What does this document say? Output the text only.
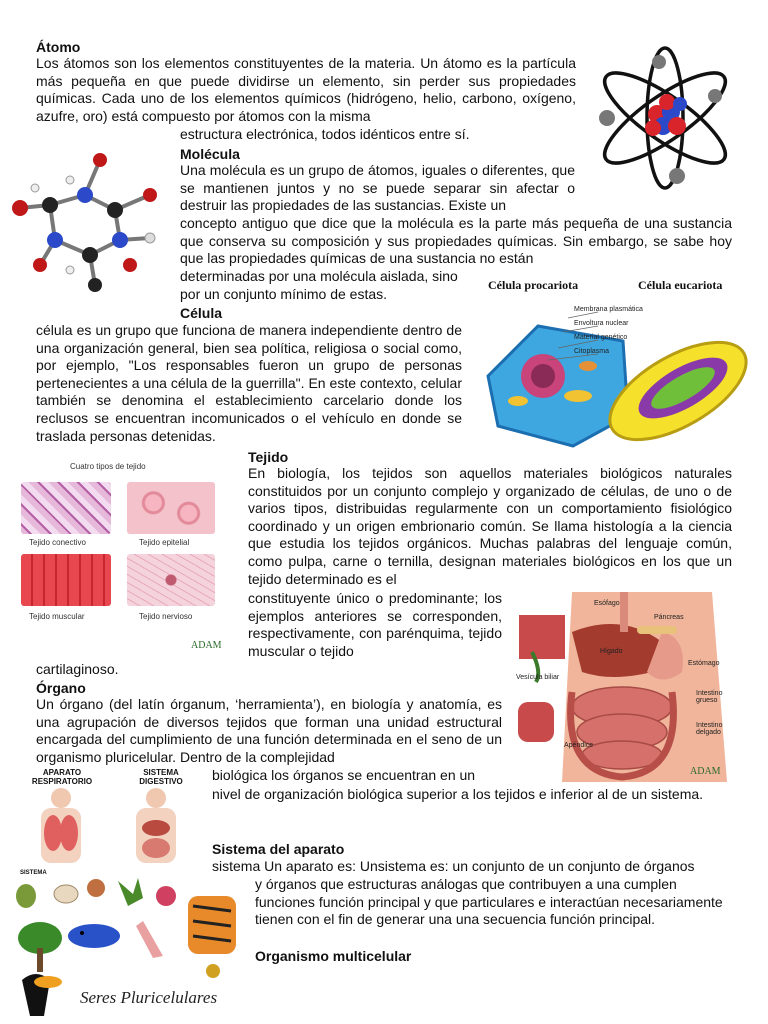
Átomo
Los átomos son los elementos constituyentes de la materia. Un átomo es la partícula más pequeña en que puede dividirse un elemento, sin perder sus propiedades químicas. Cada uno de los elementos químicos (hidrógeno, helio, carbono, oxígeno, azufre, oro) está compuesto por átomos con la misma
estructura electrónica, todos idénticos entre sí.
Molécula
Una molécula es un grupo de átomos, iguales o diferentes, que se mantienen juntos y no se puede separar sin afectar o destruir las propiedades de las sustancias. Existe un
concepto antiguo que dice que la molécula es la parte más pequeña de una sustancia que conserva su composición y sus propiedades químicas. Sin embargo, se sabe hoy que las propiedades químicas de una sustancia no están
determinadas por una molécula aislada, sino por un conjunto mínimo de estas.
Célula
célula es un grupo que funciona de manera independiente dentro de una organización general, bien sea política, religiosa o social como, por ejemplo, "Los responsables fueron un grupo de personas pertenecientes a una célula de la guerrilla". En este contexto, celular también se denomina el establecimiento carcelario donde los reclusos se encuentran incomunicados o el vehículo en donde se traslada personas detenidas.
Célula procariota	Célula eucariota
Membrana plasmática
Envoltura nuclear
Material genético
Citoplasma
Tejido
En biología, los tejidos son aquellos materiales biológicos naturales constituidos por un conjunto complejo y organizado de células, de uno o de varios tipos, distribuidas regularmente con un comportamiento fisiológico coordinado y un origen embrionario común. Se llama histología a la ciencia que estudia los tejidos orgánicos. Muchas palabras del lenguaje común, como pulpa, carne o ternilla, designan materiales biológicos en los que un tejido determinado es el
constituyente único o predominante; los ejemplos anteriores se corresponden, respectivamente, con parénquima, tejido muscular o tejido
cartilaginoso.
Cuatro tipos de tejido
Tejido conectivo	Tejido epitelial
Tejido muscular	Tejido nervioso
ADAM
Órgano
Un órgano (del latín órganum, ‘herramienta’), en biología y anatomía, es una agrupación de diversos tejidos que forman una unidad estructural encargada del cumplimiento de una función determinada en el seno de un organismo pluricelular. Dentro de la complejidad
biológica los órganos se encuentran en un
nivel de organización biológica superior a los tejidos e inferior al de un sistema.
Esófago
Páncreas
Hígado
Estómago
Vesícula biliar
Intestino grueso
Intestino delgado
Apéndice
ADAM
APARATO RESPIRATORIO
SISTEMA DIGESTIVO
SISTEMA
Sistema del aparato
sistema Un aparato es: Unsistema es: un conjunto de un conjunto de órganos
y órganos que estructuras análogas que contribuyen a una cumplen funciones función principal y que particulares e interactúan necesariamente tienen con el fin de generar una una secuencia función principal.
Organismo multicelular
Seres Pluricelulares
